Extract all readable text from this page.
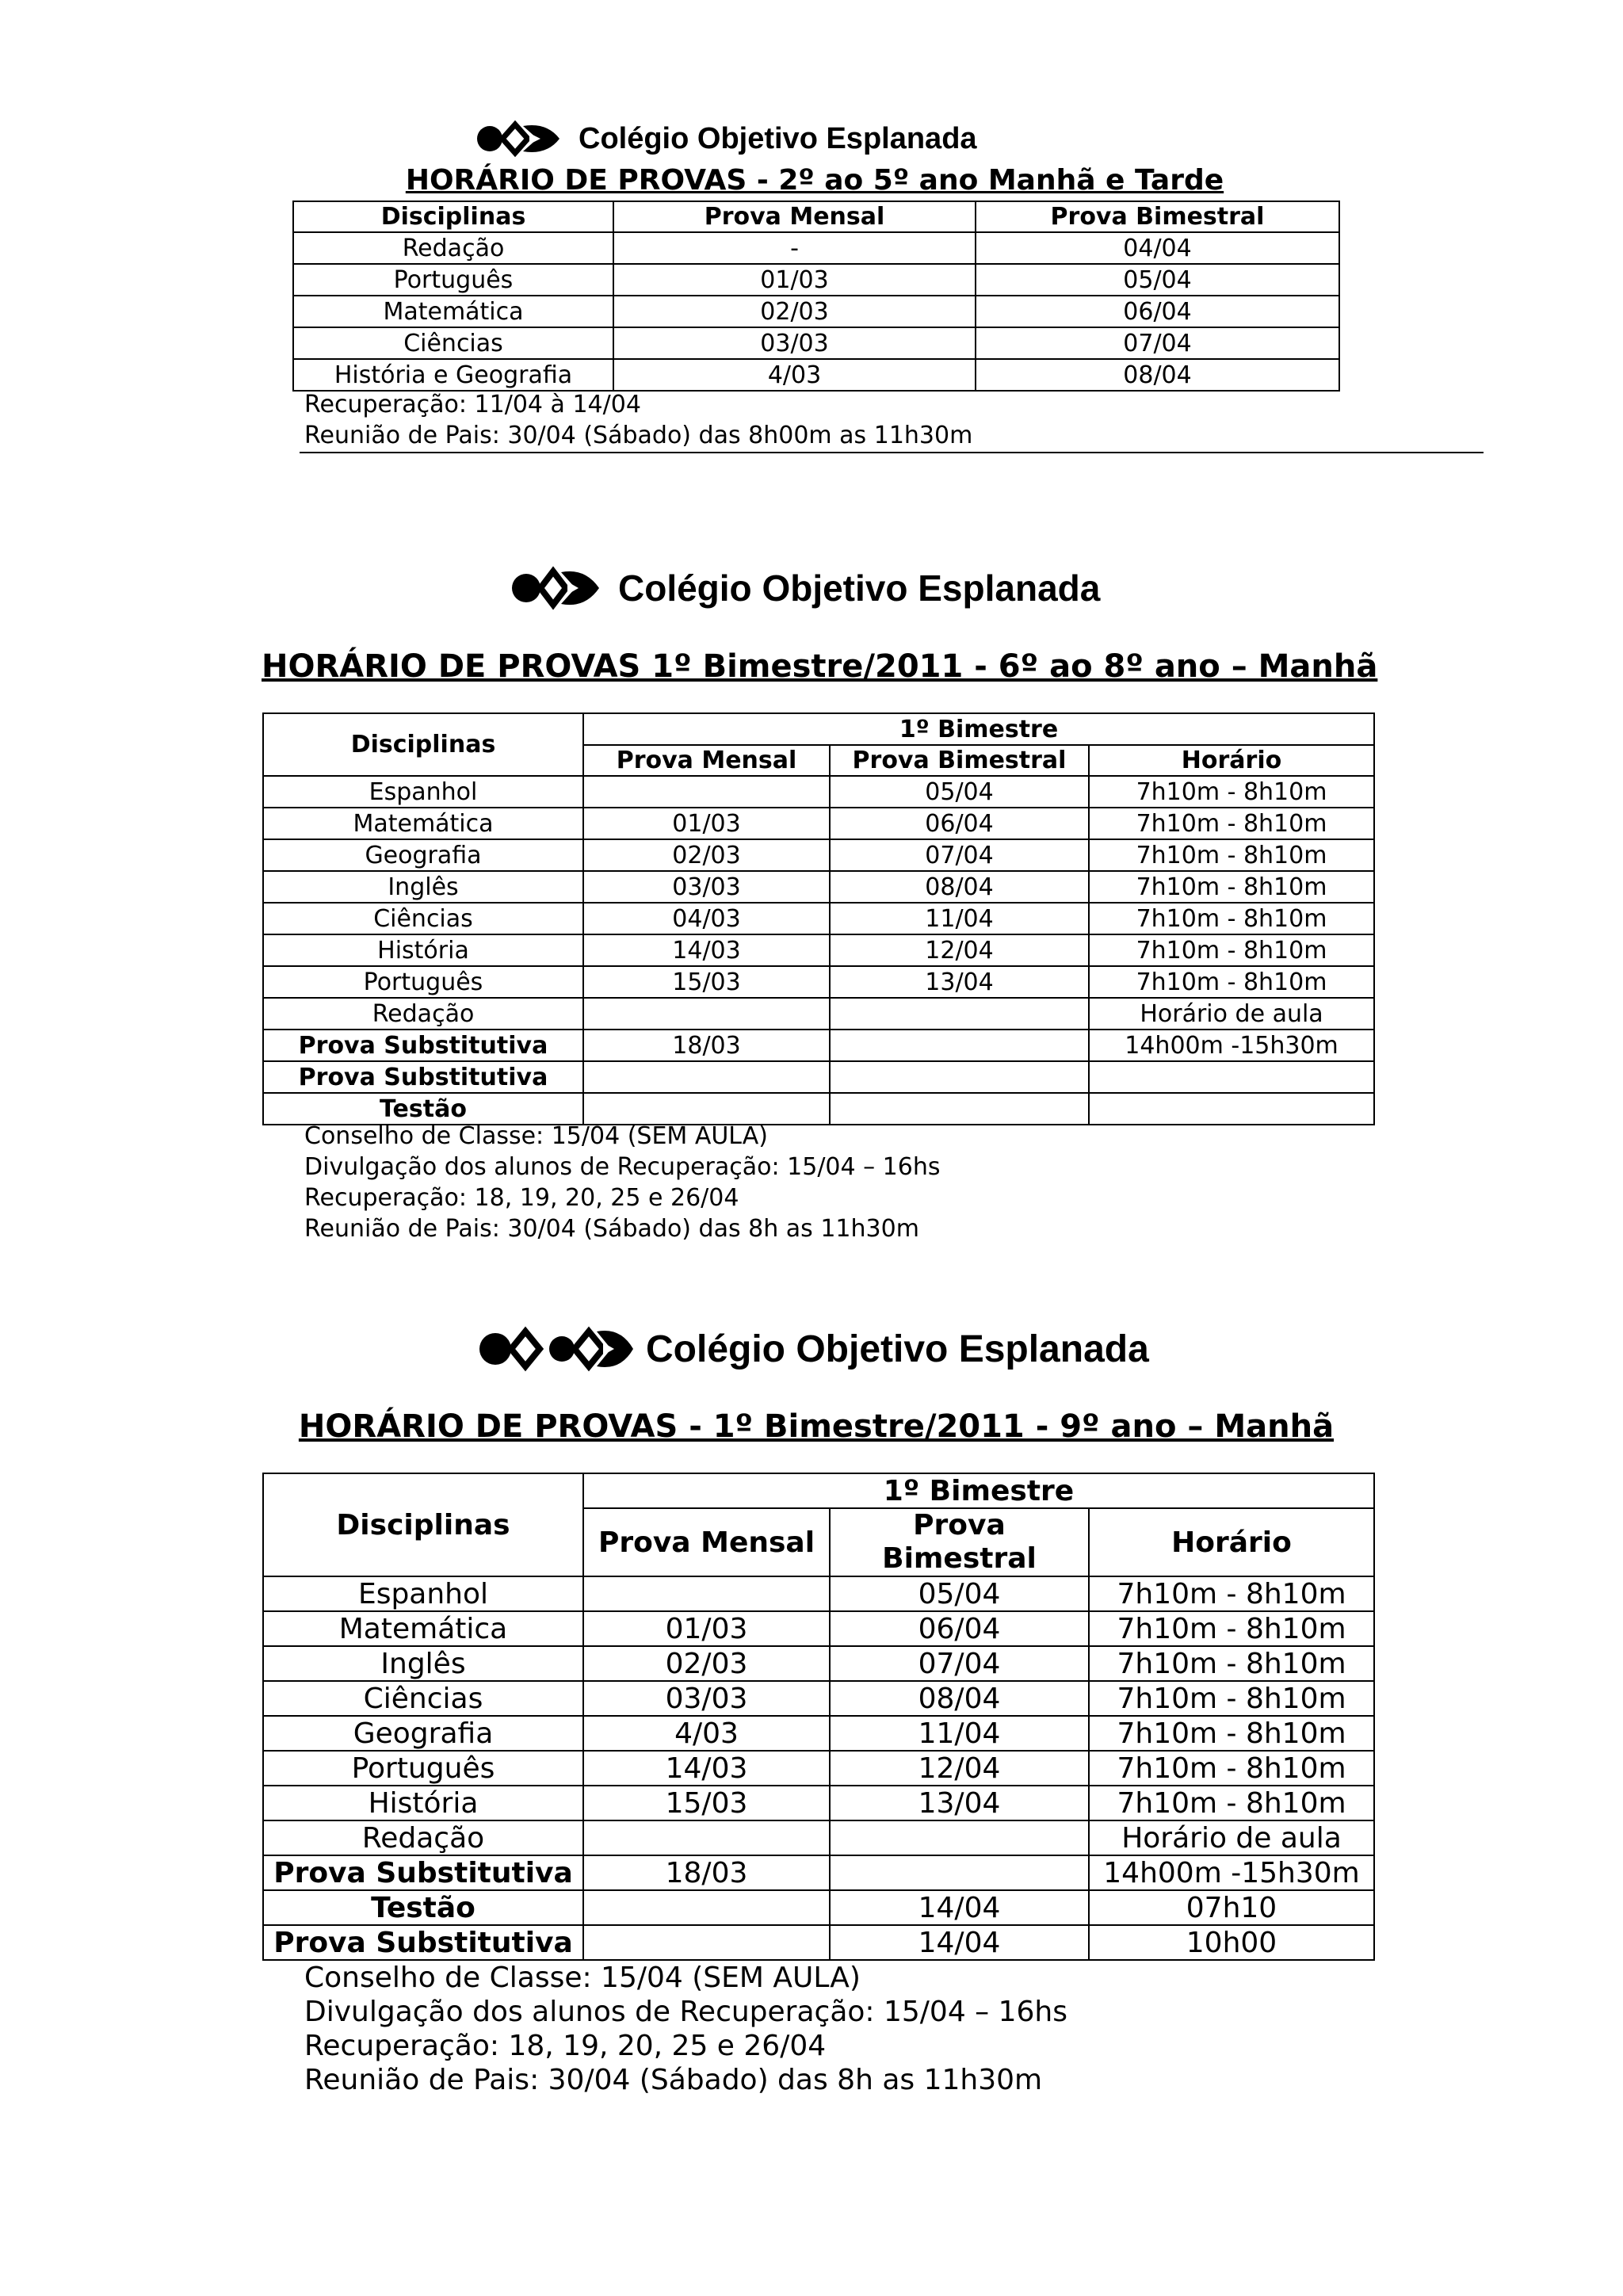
Colégio Objetivo Esplanada
HORÁRIO DE PROVAS - 2º ao 5º ano Manhã e Tarde
Disciplinas	Prova Mensal	Prova Bimestral
Redação	-	04/04
Português	01/03	05/04
Matemática	02/03	06/04
Ciências	03/03	07/04
História e Geografia	4/03	08/04
Recuperação: 11/04 à 14/04
Reunião de Pais: 30/04 (Sábado) das 8h00m as 11h30m
Colégio Objetivo Esplanada
HORÁRIO DE PROVAS 1º Bimestre/2011 - 6º ao 8º ano – Manhã
Disciplinas	1º Bimestre		
	Prova Mensal	Prova Bimestral	Horário
Espanhol		05/04	7h10m - 8h10m
Matemática	01/03	06/04	7h10m - 8h10m
Geografia	02/03	07/04	7h10m - 8h10m
Inglês	03/03	08/04	7h10m - 8h10m
Ciências	04/03	11/04	7h10m - 8h10m
História	14/03	12/04	7h10m - 8h10m
Português	15/03	13/04	7h10m - 8h10m
Redação			Horário de aula
Prova Substitutiva	18/03		14h00m -15h30m
Prova Substitutiva			
Testão			
Conselho de Classe: 15/04 (SEM AULA)
Divulgação dos alunos de Recuperação: 15/04 – 16hs
Recuperação: 18, 19, 20, 25 e 26/04
Reunião de Pais: 30/04 (Sábado) das 8h as 11h30m
Colégio Objetivo Esplanada
HORÁRIO DE PROVAS - 1º Bimestre/2011 - 9º ano – Manhã
Disciplinas	1º Bimestre		
	Prova Mensal	Prova
Bimestral	Horário
Espanhol		05/04	7h10m - 8h10m
Matemática	01/03	06/04	7h10m - 8h10m
Inglês	02/03	07/04	7h10m - 8h10m
Ciências	03/03	08/04	7h10m - 8h10m
Geografia	4/03	11/04	7h10m - 8h10m
Português	14/03	12/04	7h10m - 8h10m
História	15/03	13/04	7h10m - 8h10m
Redação			Horário de aula
Prova Substitutiva	18/03		14h00m -15h30m
Testão		14/04	07h10
Prova Substitutiva		14/04	10h00
Conselho de Classe: 15/04 (SEM AULA)
Divulgação dos alunos de Recuperação: 15/04 – 16hs
Recuperação: 18, 19, 20, 25 e 26/04
Reunião de Pais: 30/04 (Sábado) das 8h as 11h30m
